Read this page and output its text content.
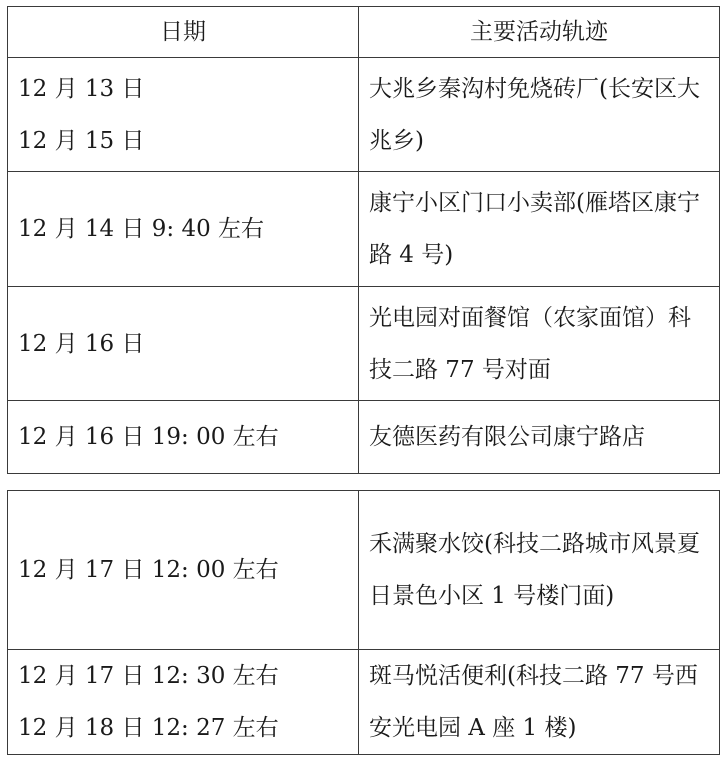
日期	主要活动轨迹

12 月 13 日
12 月 15 日	大兆乡秦沟村免烧砖厂(长安区大兆乡)

12 月 14 日 9: 40 左右	康宁小区门口小卖部(雁塔区康宁路 4 号)

12 月 16 日	光电园对面餐馆（农家面馆）科技二路 77 号对面

12 月 16 日 19: 00 左右	友德医药有限公司康宁路店
12 月 17 日 12: 00 左右	禾满聚水饺(科技二路城市风景夏日景色小区 1 号楼门面)

12 月 17 日 12: 30 左右
12 月 18 日 12: 27 左右	斑马悦活便利(科技二路 77 号西安光电园 A 座 1 楼)
